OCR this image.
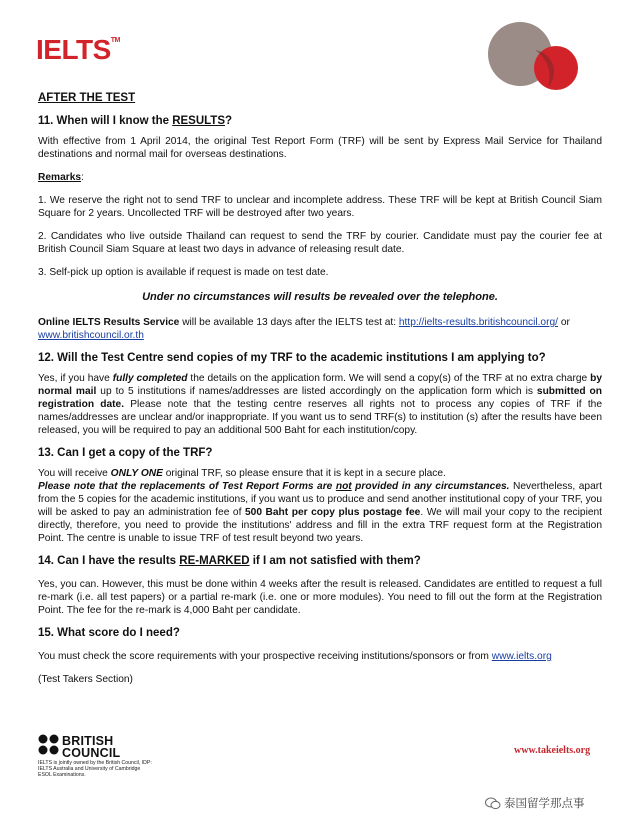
IELTS™
AFTER THE TEST
11. When will I know the RESULTS?

With effective from 1 April 2014, the original Test Report Form (TRF) will be sent by Express Mail Service for Thailand destinations and normal mail for overseas destinations.

Remarks:

1. We reserve the right not to send TRF to unclear and incomplete address. These TRF will be kept at British Council Siam Square for 2 years. Uncollected TRF will be destroyed after two years.

2. Candidates who live outside Thailand can request to send the TRF by courier. Candidate must pay the courier fee at British Council Siam Square at least two days in advance of releasing result date.

3. Self-pick up option is available if request is made on test date.

Under no circumstances will results be revealed over the telephone.

Online IELTS Results Service will be available 13 days after the IELTS test at: http://ielts-results.britishcouncil.org/ or www.britishcouncil.or.th

12. Will the Test Centre send copies of my TRF to the academic institutions I am applying to?

Yes, if you have fully completed the details on the application form. We will send a copy(s) of the TRF at no extra charge by normal mail up to 5 institutions if names/addresses are listed accordingly on the application form which is submitted on registration date. Please note that the testing centre reserves all rights not to process any copies of TRF if the names/addresses are unclear and/or inappropriate. If you want us to send TRF(s) to institution (s) after the results have been released, you will be required to pay an additional 500 Baht for each institution/copy.

13. Can I get a copy of the TRF?

You will receive ONLY ONE original TRF, so please ensure that it is kept in a secure place.
Please note that the replacements of Test Report Forms are not provided in any circumstances. Nevertheless, apart from the 5 copies for the academic institutions, if you want us to produce and send another institutional copy of your TRF, you will be asked to pay an administration fee of 500 Baht per copy plus postage fee. We will mail your copy to the recipient directly, therefore, you need to provide the institutions' address and fill in the extra TRF request form at the Registration Point. The centre is unable to issue TRF of test result beyond two years.

14. Can I have the results RE-MARKED if I am not satisfied with them?

Yes, you can. However, this must be done within 4 weeks after the result is released. Candidates are entitled to request a full re-mark (i.e. all test papers) or a partial re-mark (i.e. one or more modules). You need to fill out the form at the Registration Point. The fee for the re-mark is 4,000 Baht per candidate.

15. What score do I need?

You must check the score requirements with your prospective receiving institutions/sponsors or from www.ielts.org

(Test Takers Section)

BRITISH
COUNCIL
IELTS is jointly owned by the British Council, IDP:
IELTS Australia and University of Cambridge
ESOL Examinations.
www.takeielts.org
泰国留学那点事
